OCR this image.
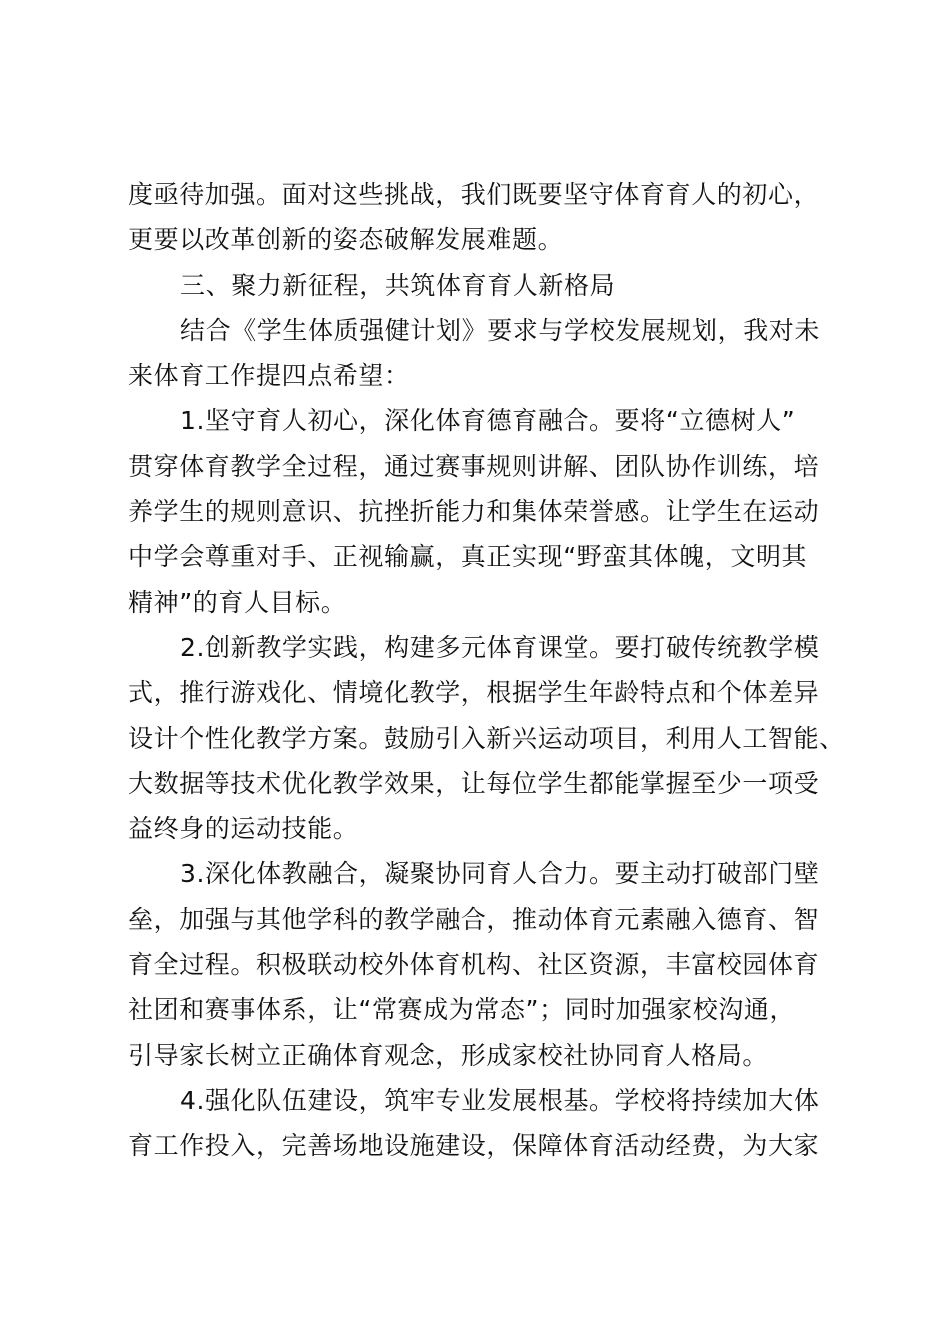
度亟待加强。面对这些挑战，我们既要坚守体育育人的初心，
更要以改革创新的姿态破解发展难题。
三、聚力新征程，共筑体育育人新格局
结合《学生体质强健计划》要求与学校发展规划，我对未
来体育工作提四点希望：
1.坚守育人初心，深化体育德育融合。要将“立德树人”
贯穿体育教学全过程，通过赛事规则讲解、团队协作训练，培
养学生的规则意识、抗挫折能力和集体荣誉感。让学生在运动
中学会尊重对手、正视输赢，真正实现“野蛮其体魄，文明其
精神”的育人目标。
2.创新教学实践，构建多元体育课堂。要打破传统教学模
式，推行游戏化、情境化教学，根据学生年龄特点和个体差异
设计个性化教学方案。鼓励引入新兴运动项目，利用人工智能、
大数据等技术优化教学效果，让每位学生都能掌握至少一项受
益终身的运动技能。
3.深化体教融合，凝聚协同育人合力。要主动打破部门壁
垒，加强与其他学科的教学融合，推动体育元素融入德育、智
育全过程。积极联动校外体育机构、社区资源，丰富校园体育
社团和赛事体系，让“常赛成为常态”；同时加强家校沟通，
引导家长树立正确体育观念，形成家校社协同育人格局。
4.强化队伍建设，筑牢专业发展根基。学校将持续加大体
育工作投入，完善场地设施建设，保障体育活动经费，为大家
